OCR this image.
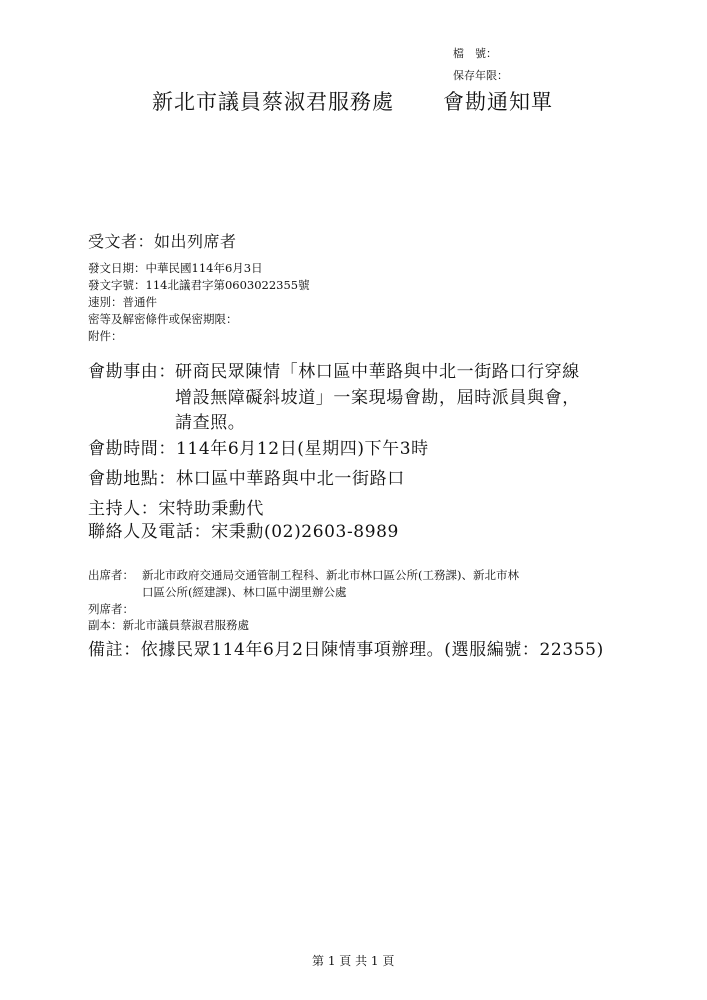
檔　號：
保存年限：
新北市議員蔡淑君服務處 會勘通知單
受文者：如出列席者
發文日期：中華民國114年6月3日
發文字號：114北議君字第0603022355號
速別：普通件
密等及解密條件或保密期限：
附件：
會勘事由： 研商民眾陳情「林口區中華路與中北一街路口行穿線
增設無障礙斜坡道」一案現場會勘，屆時派員與會，
請查照。
會勘時間：114年6月12日(星期四)下午3時
會勘地點：林口區中華路與中北一街路口
主持人：宋特助秉勳代
聯絡人及電話：宋秉勳(02)2603-8989
出席者： 新北市政府交通局交通管制工程科、新北市林口區公所(工務課)、新北市林
口區公所(經建課)、林口區中湖里辦公處
列席者：
副本：新北市議員蔡淑君服務處
備註：依據民眾114年6月2日陳情事項辦理。(選服編號：22355)
第 1 頁 共 1 頁
